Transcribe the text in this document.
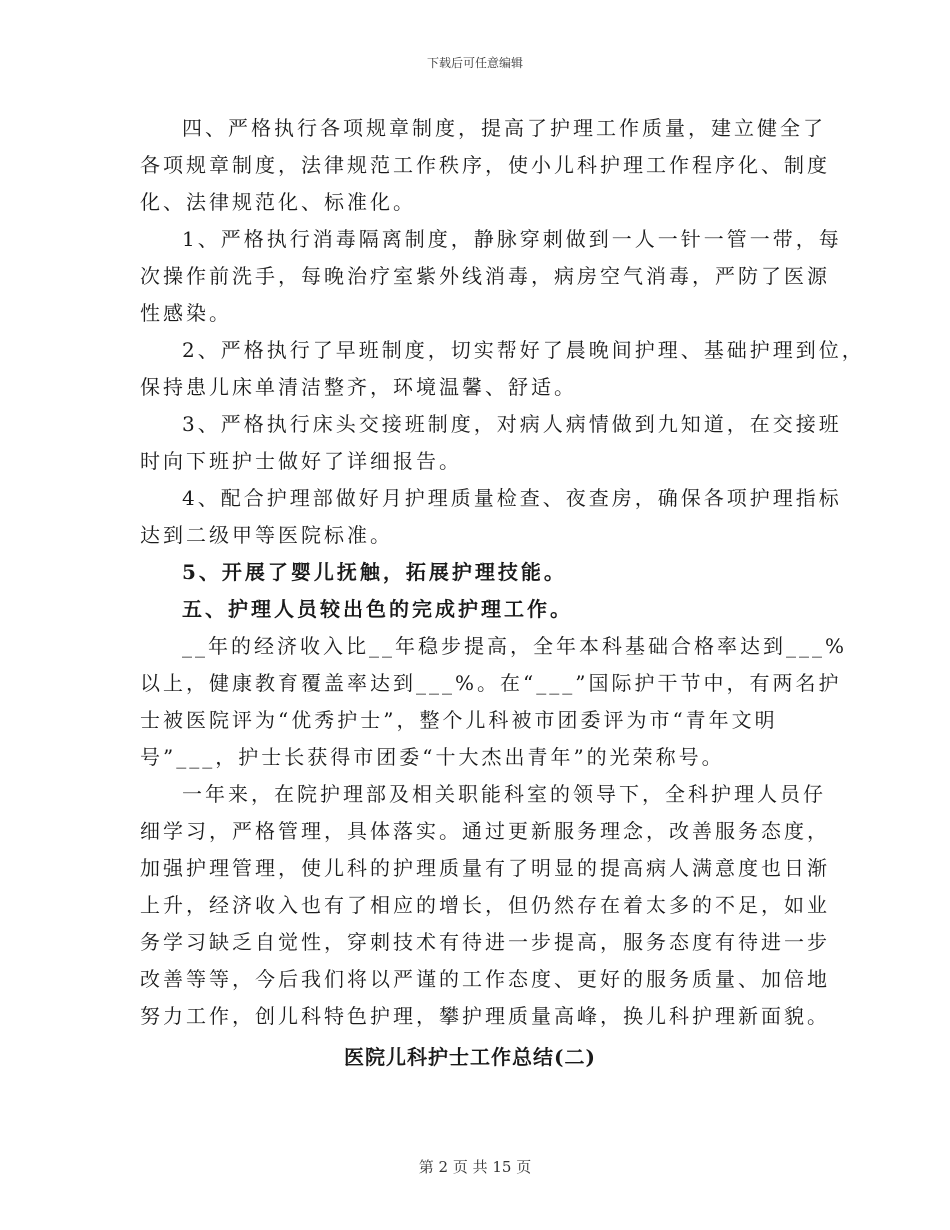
下载后可任意编辑
四、严格执行各项规章制度，提高了护理工作质量，建立健全了
各项规章制度，法律规范工作秩序，使小儿科护理工作程序化、制度
化、法律规范化、标准化。
1、严格执行消毒隔离制度，静脉穿刺做到一人一针一管一带，每
次操作前洗手，每晚治疗室紫外线消毒，病房空气消毒，严防了医源
性感染。
2、严格执行了早班制度，切实帮好了晨晚间护理、基础护理到位，
保持患儿床单清洁整齐，环境温馨、舒适。
3、严格执行床头交接班制度，对病人病情做到九知道，在交接班
时向下班护士做好了详细报告。
4、配合护理部做好月护理质量检查、夜查房，确保各项护理指标
达到二级甲等医院标准。
5、开展了婴儿抚触，拓展护理技能。
五、护理人员较出色的完成护理工作。
__年的经济收入比__年稳步提高，全年本科基础合格率达到___%
以上，健康教育覆盖率达到___%。在“___”国际护干节中，有两名护
士被医院评为“优秀护士”，整个儿科被市团委评为市“青年文明
号”___，护士长获得市团委“十大杰出青年”的光荣称号。
一年来，在院护理部及相关职能科室的领导下，全科护理人员仔
细学习，严格管理，具体落实。通过更新服务理念，改善服务态度，
加强护理管理，使儿科的护理质量有了明显的提高病人满意度也日渐
上升，经济收入也有了相应的增长，但仍然存在着太多的不足，如业
务学习缺乏自觉性，穿刺技术有待进一步提高，服务态度有待进一步
改善等等，今后我们将以严谨的工作态度、更好的服务质量、加倍地
努力工作，创儿科特色护理，攀护理质量高峰，换儿科护理新面貌。
医院儿科护士工作总结(二)
第 2 页 共 15 页
